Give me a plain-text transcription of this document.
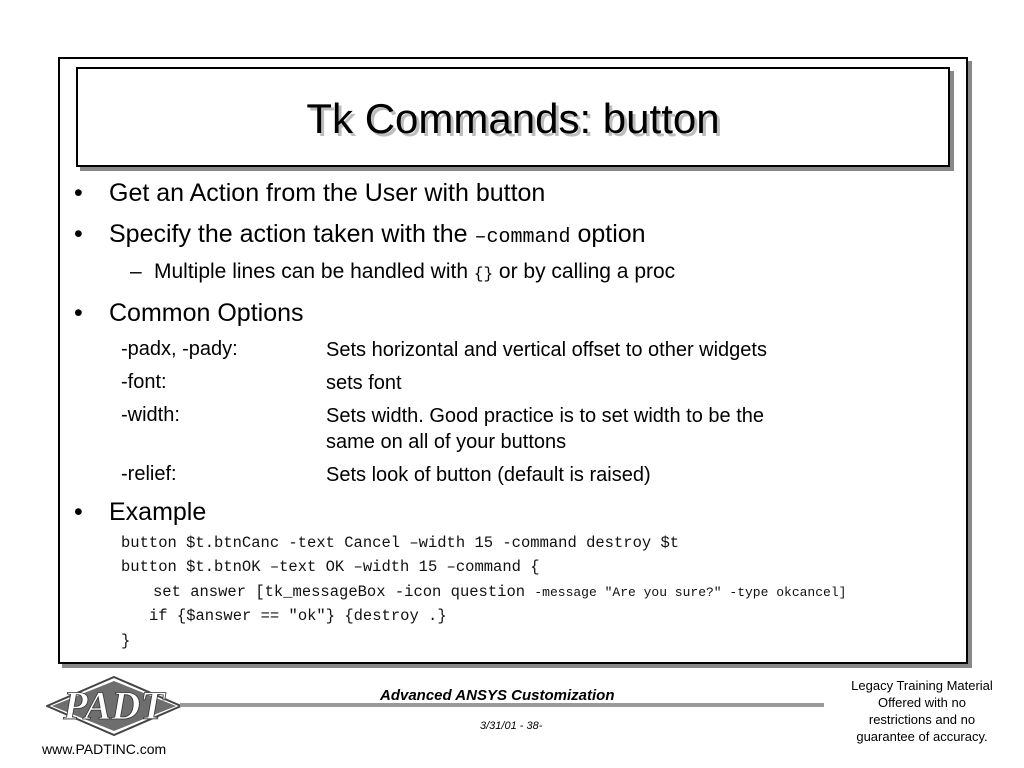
Tk Commands: button
• Get an Action from the User with button
• Specify the action taken with the –command option
– Multiple lines can be handled with {} or by calling a proc
• Common Options
-padx, -pady:	Sets horizontal and vertical offset to other widgets
-font:	sets font
-width:	Sets width. Good practice is to set width to be the
same on all of your buttons
-relief:	Sets look of button (default is raised)
• Example
button $t.btnCanc -text Cancel –width 15 -command destroy $t
button $t.btnOK –text OK –width 15 –command {
set answer [tk_messageBox -icon question -message "Are you sure?" -type okcancel]
if {$answer == "ok"} {destroy .}
}
PADT	Advanced ANSYS Customization
3/31/01 - 38-
www.PADTINC.com
Legacy Training Material
Offered with no
restrictions and no
guarantee of accuracy.
